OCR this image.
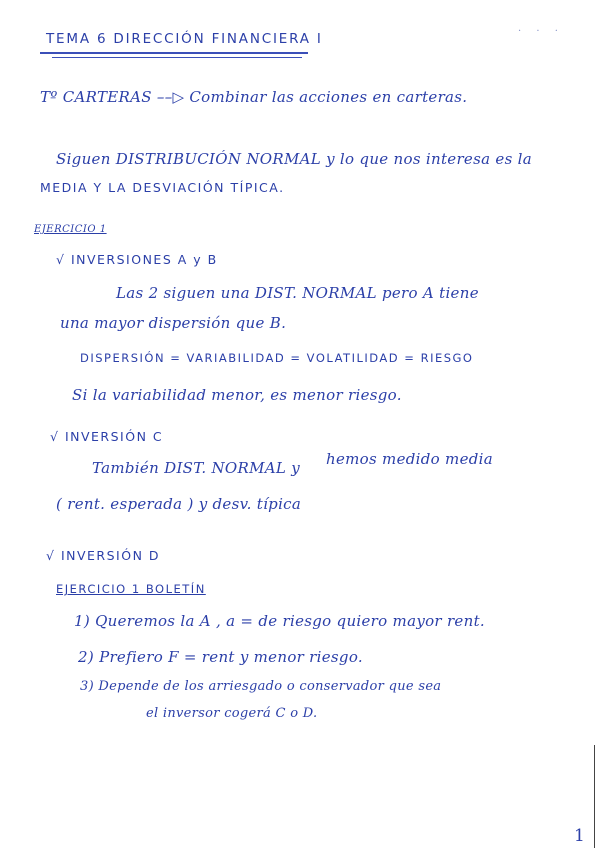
· · ·
TEMA 6 DIRECCIÓN FINANCIERA I
Tº CARTERAS ––▷ Combinar las acciones en carteras.
Siguen DISTRIBUCIÓN NORMAL y lo que nos interesa es la
MEDIA Y LA DESVIACIÓN TÍPICA.
EJERCICIO 1
√ INVERSIONES A y B
Las 2 siguen una DIST. NORMAL pero A tiene
una mayor dispersión que B.
DISPERSIÓN = VARIABILIDAD = VOLATILIDAD = RIESGO
Si la variabilidad menor, es menor riesgo.
√ INVERSIÓN C
También DIST. NORMAL y hemos medido media
( rent. esperada ) y desv. típica
√ INVERSIÓN D
EJERCICIO 1 BOLETÍN
1) Queremos la A , a = de riesgo quiero mayor rent.
2) Prefiero F = rent y menor riesgo.
3) Depende de los arriesgado o conservador que sea
el inversor cogerá C o D.
1
